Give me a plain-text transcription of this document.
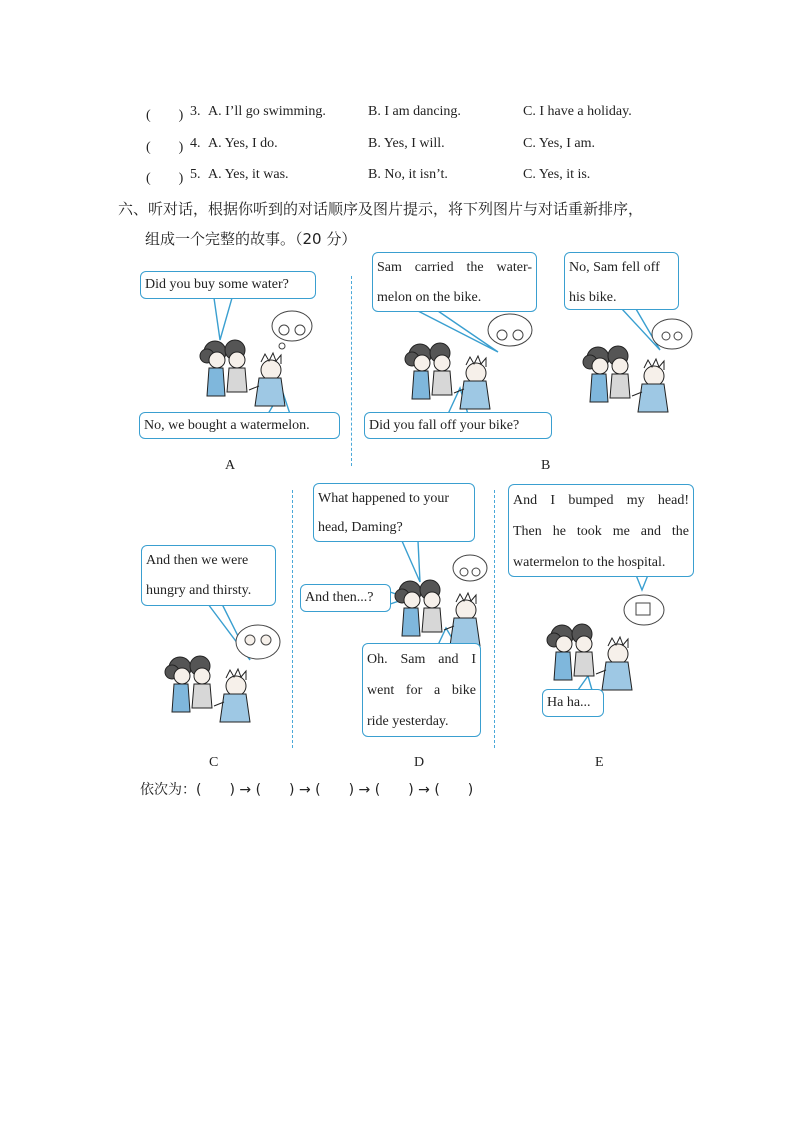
(　　) 3. A. I’ll go swimming.	B. I am dancing.	C. I have a holiday.
(　　) 4. A. Yes, I do.	B. Yes, I will.	C. Yes, I am.
(　　) 5. A. Yes, it was.	B. No, it isn’t.	C. Yes, it is.
六、听对话，根据你听到的对话顺序及图片提示，将下列图片与对话重新排序，
组成一个完整的故事。（20 分）
Did you buy some water?
No, we bought a watermelon.
A
Sam carried the water-
melon on the bike.
No, Sam fell off
his bike.
Did you fall off your bike?
B
And then we were
hungry and thirsty.
C
What happened to your
head, Daming?
And then...?
Oh. Sam and I
went for a bike
ride yesterday.
D
And I bumped my head!
Then he took me and the
watermelon to the hospital.
Ha ha...
E
依次为：(　　) → (　　) → (　　) → (　　) → (　　)
